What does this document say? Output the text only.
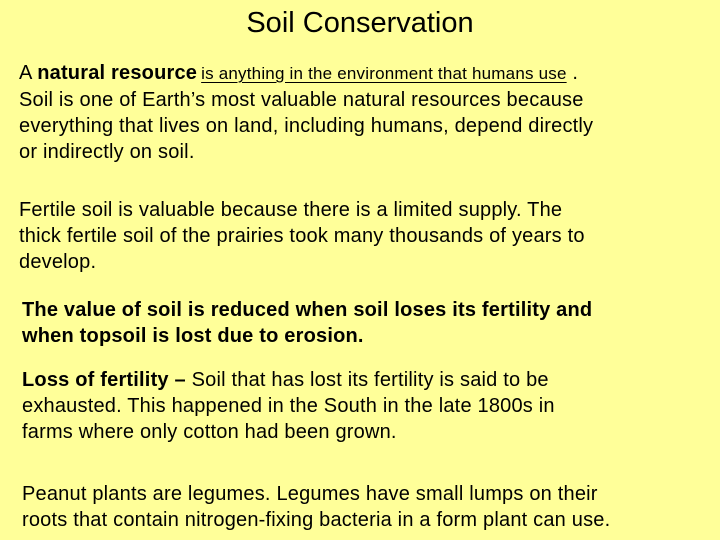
Soil Conservation
A natural resource is anything in the environment that humans use .
Soil is one of Earth’s most valuable natural resources because
everything that lives on land, including humans, depend directly
or indirectly on soil.
Fertile soil is valuable because there is a limited supply. The
thick fertile soil of the prairies took many thousands of years to
develop.
The value of soil is reduced when soil loses its fertility and
when topsoil is lost due to erosion.
Loss of fertility – Soil that has lost its fertility is said to be
exhausted. This happened in the South in the late 1800s in
farms where only cotton had been grown.
Peanut plants are legumes. Legumes have small lumps on their
roots that contain nitrogen-fixing bacteria in a form plant can use.
